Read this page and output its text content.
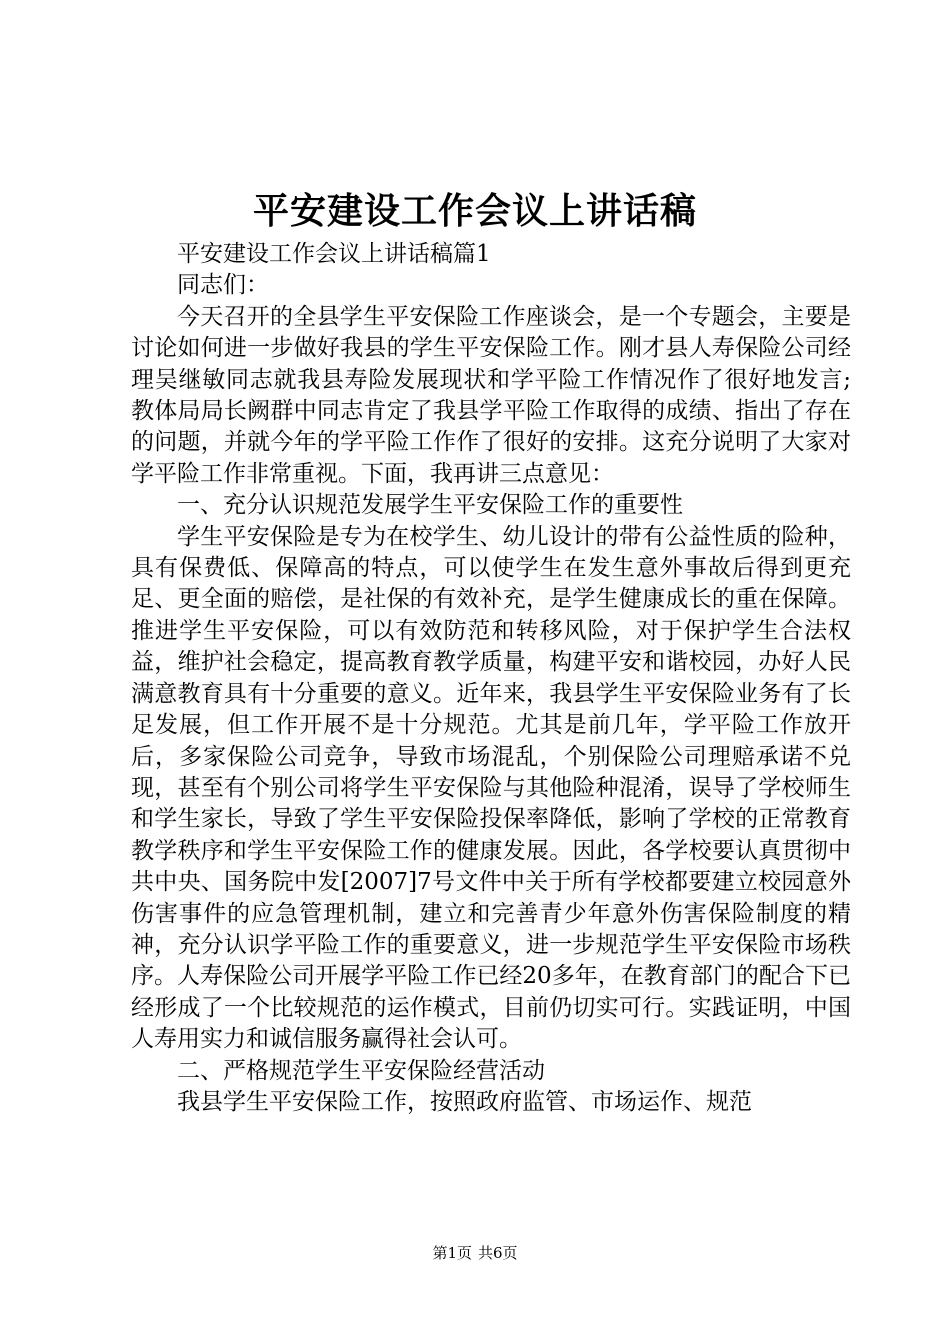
平安建设工作会议上讲话稿

平安建设工作会议上讲话稿篇1

同志们：

今天召开的全县学生平安保险工作座谈会，是一个专题会，主要是讨论如何进一步做好我县的学生平安保险工作。刚才县人寿保险公司经理吴继敏同志就我县寿险发展现状和学平险工作情况作了很好地发言;教体局局长阙群中同志肯定了我县学平险工作取得的成绩、指出了存在的问题，并就今年的学平险工作作了很好的安排。这充分说明了大家对学平险工作非常重视。下面，我再讲三点意见：

一、充分认识规范发展学生平安保险工作的重要性

学生平安保险是专为在校学生、幼儿设计的带有公益性质的险种，具有保费低、保障高的特点，可以使学生在发生意外事故后得到更充足、更全面的赔偿，是社保的有效补充，是学生健康成长的重在保障。推进学生平安保险，可以有效防范和转移风险，对于保护学生合法权益，维护社会稳定，提高教育教学质量，构建平安和谐校园，办好人民满意教育具有十分重要的意义。近年来，我县学生平安保险业务有了长足发展，但工作开展不是十分规范。尤其是前几年，学平险工作放开后，多家保险公司竞争，导致市场混乱，个别保险公司理赔承诺不兑现，甚至有个别公司将学生平安保险与其他险种混淆，误导了学校师生和学生家长，导致了学生平安保险投保率降低，影响了学校的正常教育教学秩序和学生平安保险工作的健康发展。因此，各学校要认真贯彻中共中央、国务院中发[2007]7号文件中关于所有学校都要建立校园意外伤害事件的应急管理机制，建立和完善青少年意外伤害保险制度的精神，充分认识学平险工作的重要意义，进一步规范学生平安保险市场秩序。人寿保险公司开展学平险工作已经20多年，在教育部门的配合下已经形成了一个比较规范的运作模式，目前仍切实可行。实践证明，中国人寿用实力和诚信服务赢得社会认可。

二、严格规范学生平安保险经营活动

我县学生平安保险工作，按照政府监管、市场运作、规范

第1页 共6页
